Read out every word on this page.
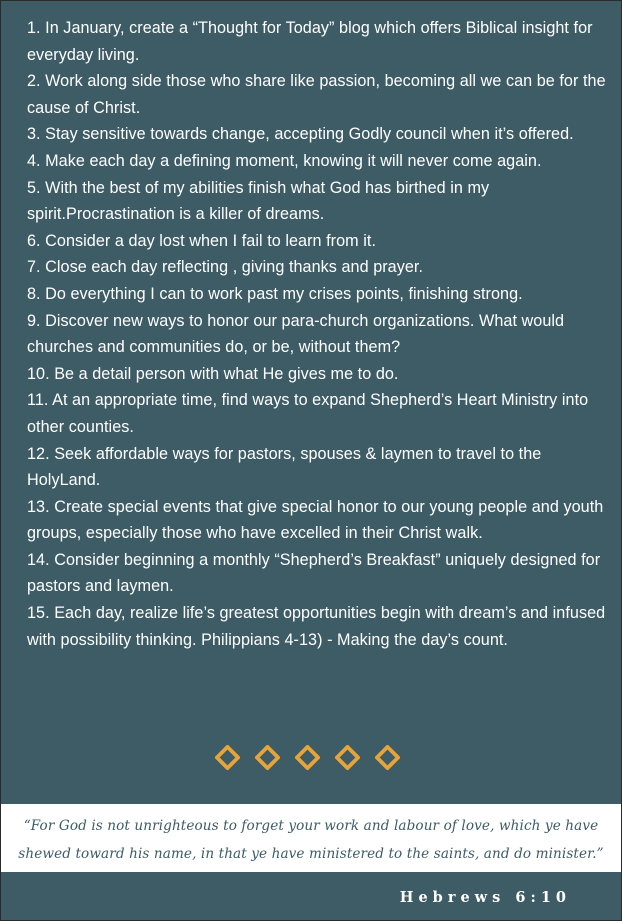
1. In January, create a “Thought for Today” blog which offers Biblical insight for everyday living.

2. Work along side those who share like passion, becoming all we can be for the cause of Christ.

3. Stay sensitive towards change, accepting Godly council when it’s offered.

4. Make each day a defining moment, knowing it will never come again.

5. With the best of my abilities finish what God has birthed in my spirit.Procrastination is a killer of dreams.

6. Consider a day lost when I fail to learn from it.

7. Close each day reflecting , giving thanks and prayer.

8. Do everything I can to work past my crises points, finishing strong.

9. Discover new ways to honor our para-church organizations. What would churches and communities do, or be, without them?

10. Be a detail person with what He gives me to do.

11. At an appropriate time, find ways to expand Shepherd’s Heart Ministry into other counties.

12. Seek affordable ways for pastors, spouses & laymen to travel to the HolyLand.

13. Create special events that give special honor to our young people and youth groups, especially those who have excelled in their Christ walk.

14. Consider beginning a monthly “Shepherd’s Breakfast” uniquely designed for pastors and laymen.

15. Each day, realize life’s greatest opportunities begin with dream’s and infused with possibility thinking. Philippians 4-13) - Making the day’s count.

“For God is not unrighteous to forget your work and labour of love, which ye have shewed toward his name, in that ye have ministered to the saints, and do minister.”
Hebrews 6:10
